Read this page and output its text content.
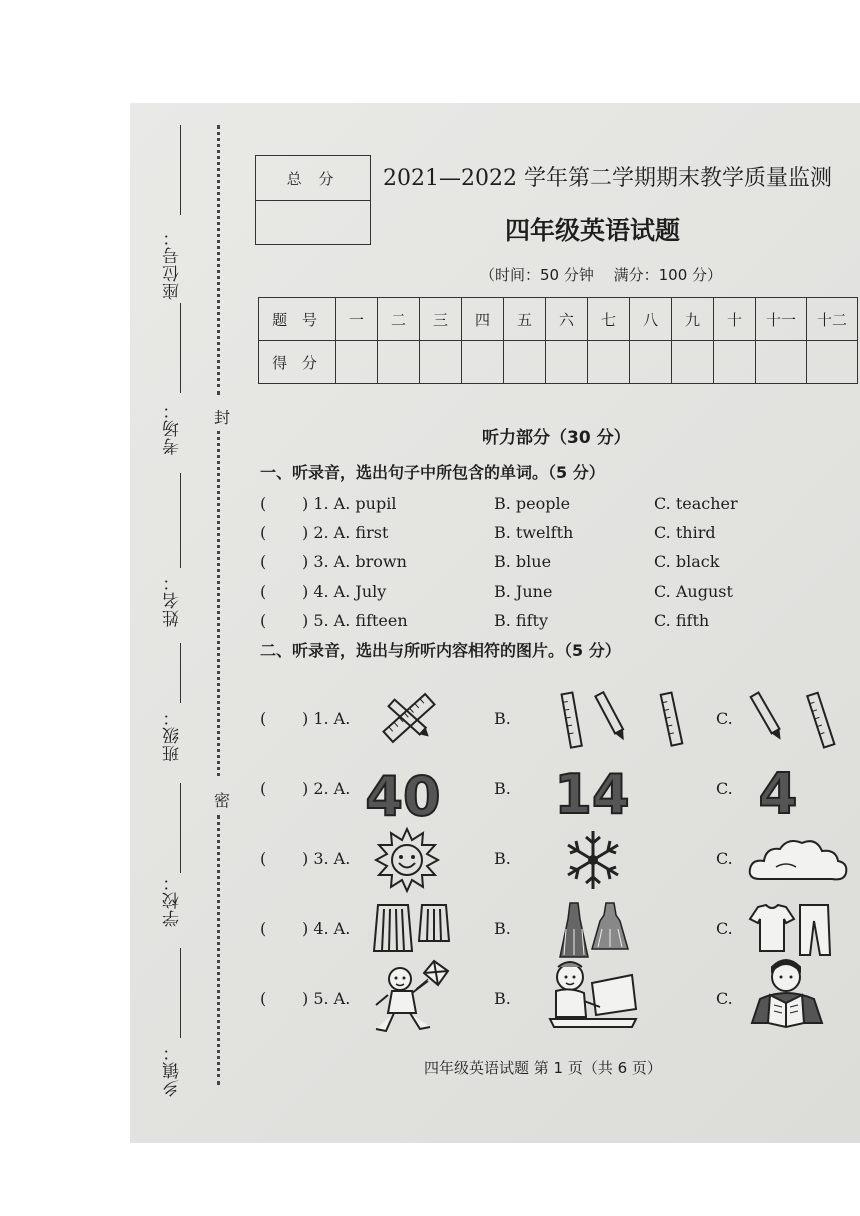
座位号：
考场：
姓名：
班级：
学校：
乡镇：
封
密
总 分	2021—2022 学年第二学期期末教学质量监测
四年级英语试题
（时间：50 分钟　 满分：100 分）
题 号	一	二	三	四	五	六	七	八	九	十	十一	十二
得 分												
听力部分（30 分）
一、听录音，选出句子中所包含的单词。（5 分）
( ) 1. A. pupil	B. people	C. teacher
( ) 2. A. first	B. twelfth	C. third
( ) 3. A. brown	B. blue	C. black
( ) 4. A. July	B. June	C. August
( ) 5. A. fifteen	B. fifty	C. fifth
二、听录音，选出与所听内容相符的图片。（5 分）
( ) 1. A.	B.	C.
( ) 2. A. 40	B. 14	C. 4
( ) 3. A.	B.	C.
( ) 4. A.	B.	C.
( ) 5. A.	B.	C.
四年级英语试题 第 1 页（共 6 页）
